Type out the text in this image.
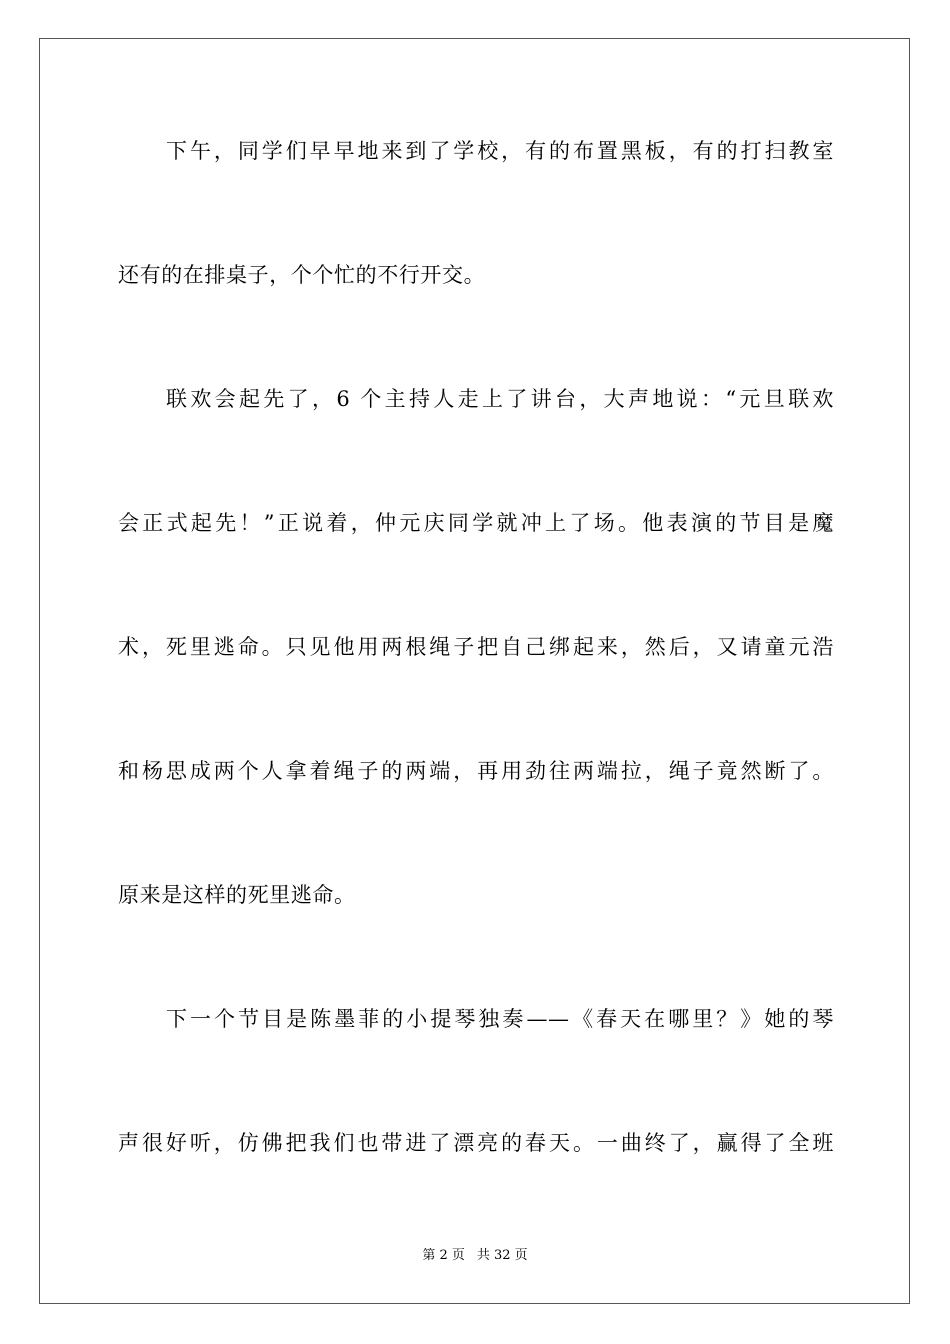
下午，同学们早早地来到了学校，有的布置黑板，有的打扫教室
还有的在排桌子，个个忙的不行开交。
联欢会起先了，6 个主持人走上了讲台，大声地说：“元旦联欢
会正式起先！”正说着，仲元庆同学就冲上了场。他表演的节目是魔
术，死里逃命。只见他用两根绳子把自己绑起来，然后，又请童元浩
和杨思成两个人拿着绳子的两端，再用劲往两端拉，绳子竟然断了。
原来是这样的死里逃命。
下一个节目是陈墨菲的小提琴独奏——《春天在哪里？》她的琴
声很好听，仿佛把我们也带进了漂亮的春天。一曲终了，赢得了全班
第 2 页 共 32 页
